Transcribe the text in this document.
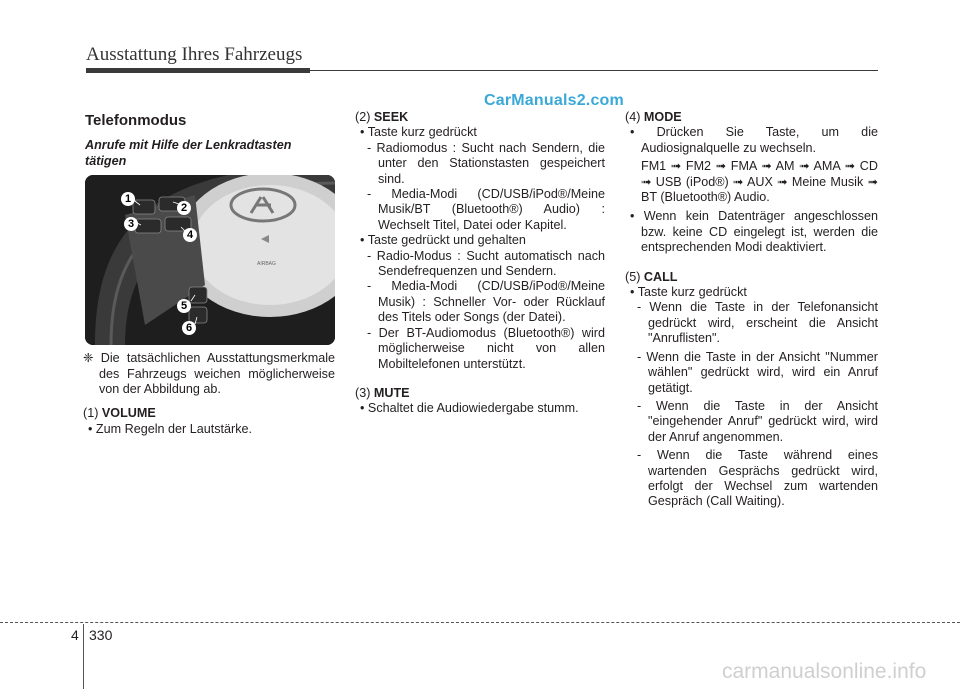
Ausstattung Ihres Fahrzeugs
CarManuals2.com
Telefonmodus
Anrufe mit Hilfe der Lenkradtasten tätigen
AIRBAG
1
2
3
4
5
6
❈ Die tatsächlichen Ausstattungsmerkmale des Fahrzeugs weichen möglicherweise von der Abbildung ab.
(1) VOLUME
• Zum Regeln der Lautstärke.
(2) SEEK
• Taste kurz gedrückt
- Radiomodus : Sucht nach Sendern, die unter den Stationstasten gespeichert sind.
- Media-Modi (CD/USB/iPod®/Meine Musik/BT (Bluetooth®) Audio) : Wechselt Titel, Datei oder Kapitel.
• Taste gedrückt und gehalten
- Radio-Modus : Sucht automatisch nach Sendefrequenzen und Sendern.
- Media-Modi (CD/USB/iPod®/Meine Musik) : Schneller Vor- oder Rücklauf des Titels oder Songs (der Datei).
- Der BT-Audiomodus (Bluetooth®) wird möglicherweise nicht von allen Mobiltelefonen unterstützt.
(3) MUTE
• Schaltet die Audiowiedergabe stumm.
(4) MODE
• Drücken Sie Taste, um die Audiosignalquelle zu wechseln.
FM1 ➟ FM2 ➟ FMA ➟ AM ➟ AMA ➟ CD ➟ USB (iPod®) ➟ AUX ➟ Meine Musik ➟ BT (Bluetooth®) Audio.
• Wenn kein Datenträger angeschlossen bzw. keine CD eingelegt ist, werden die entsprechenden Modi deaktiviert.
(5) CALL
• Taste kurz gedrückt
- Wenn die Taste in der Telefonansicht gedrückt wird, erscheint die Ansicht "Anruflisten".
- Wenn die Taste in der Ansicht "Nummer wählen" gedrückt wird, wird ein Anruf getätigt.
- Wenn die Taste in der Ansicht "eingehender Anruf" gedrückt wird, wird der Anruf angenommen.
- Wenn die Taste während eines wartenden Gesprächs gedrückt wird, erfolgt der Wechsel zum wartenden Gespräch (Call Waiting).
4 330
carmanualsonline.info
